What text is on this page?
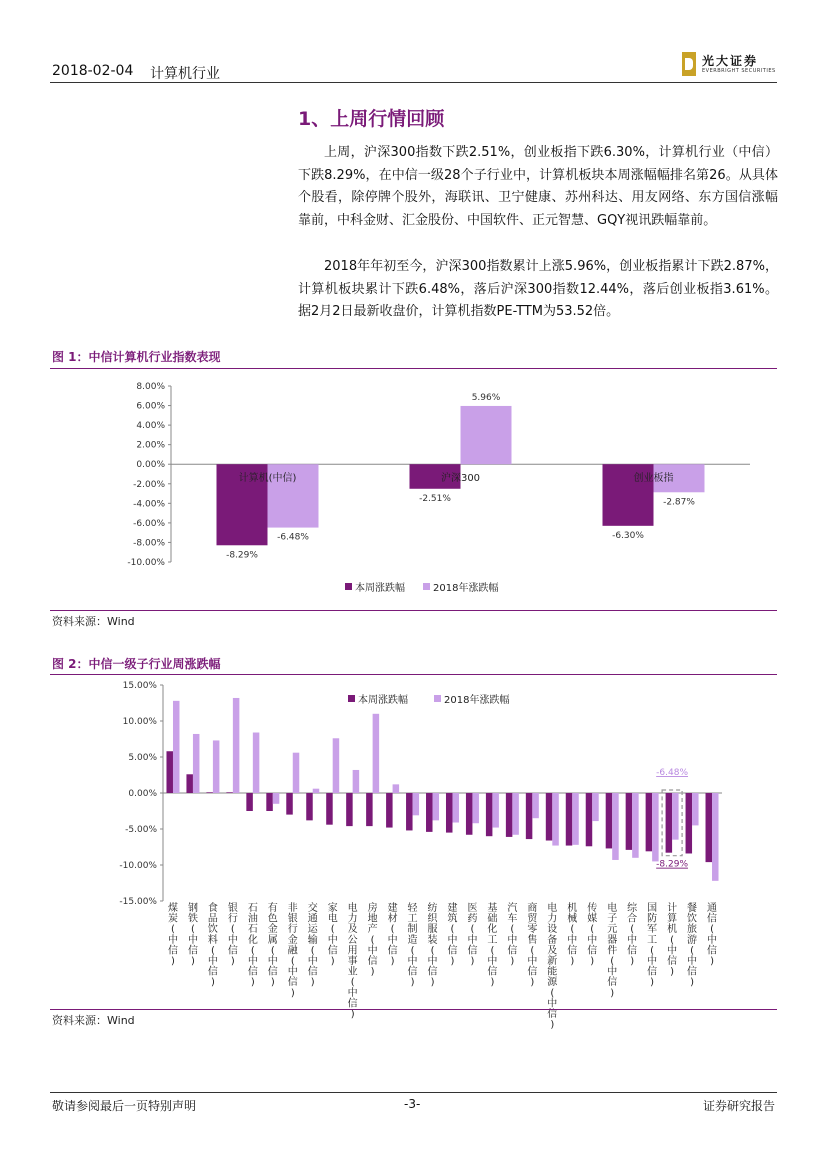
2018-02-04 计算机行业
光大证券
EVERBRIGHT SECURITIES
1、上周行情回顾
上周，沪深300指数下跌2.51%，创业板指下跌6.30%，计算机行业（中信）下跌8.29%，在中信一级28个子行业中，计算机板块本周涨幅幅排名第26。从具体个股看，除停牌个股外，海联讯、卫宁健康、苏州科达、用友网络、东方国信涨幅靠前，中科金财、汇金股份、中国软件、正元智慧、GQY视讯跌幅靠前。
2018年年初至今，沪深300指数累计上涨5.96%，创业板指累计下跌2.87%，计算机板块累计下跌6.48%，落后沪深300指数12.44%，落后创业板指3.61%。据2月2日最新收盘价，计算机指数PE-TTM为53.52倍。
图 1：中信计算机行业指数表现
8.00%
6.00%
4.00%
2.00%
0.00%
-2.00%
-4.00%
-6.00%
-8.00%
-10.00%
-8.29%
-6.48%
计算机(中信)
-2.51%
5.96%
沪深300
-6.30%
-2.87%
创业板指
本周涨跌幅	2018年涨跌幅
资料来源：Wind
图 2：中信一级子行业周涨跌幅
15.00%
10.00%
5.00%
0.00%
-5.00%
-10.00%
-15.00%
煤炭(中信)
钢铁(中信)
食品饮料(中信)
银行(中信)
石油石化(中信)
有色金属(中信)
非银行金融(中信)
交通运输(中信)
家电(中信)
电力及公用事业(中信)
房地产(中信)
建材(中信)
轻工制造(中信)
纺织服装(中信)
建筑(中信)
医药(中信)
基础化工(中信)
汽车(中信)
商贸零售(中信)
电力设备及新能源(中信)
机械(中信)
传媒(中信)
电子元器件(中信)
综合(中信)
国防军工(中信)
计算机(中信)
餐饮旅游(中信)
通信(中信)
-6.48%
-8.29%
本周涨跌幅	2018年涨跌幅
资料来源：Wind
敬请参阅最后一页特别声明	-3-	证券研究报告
